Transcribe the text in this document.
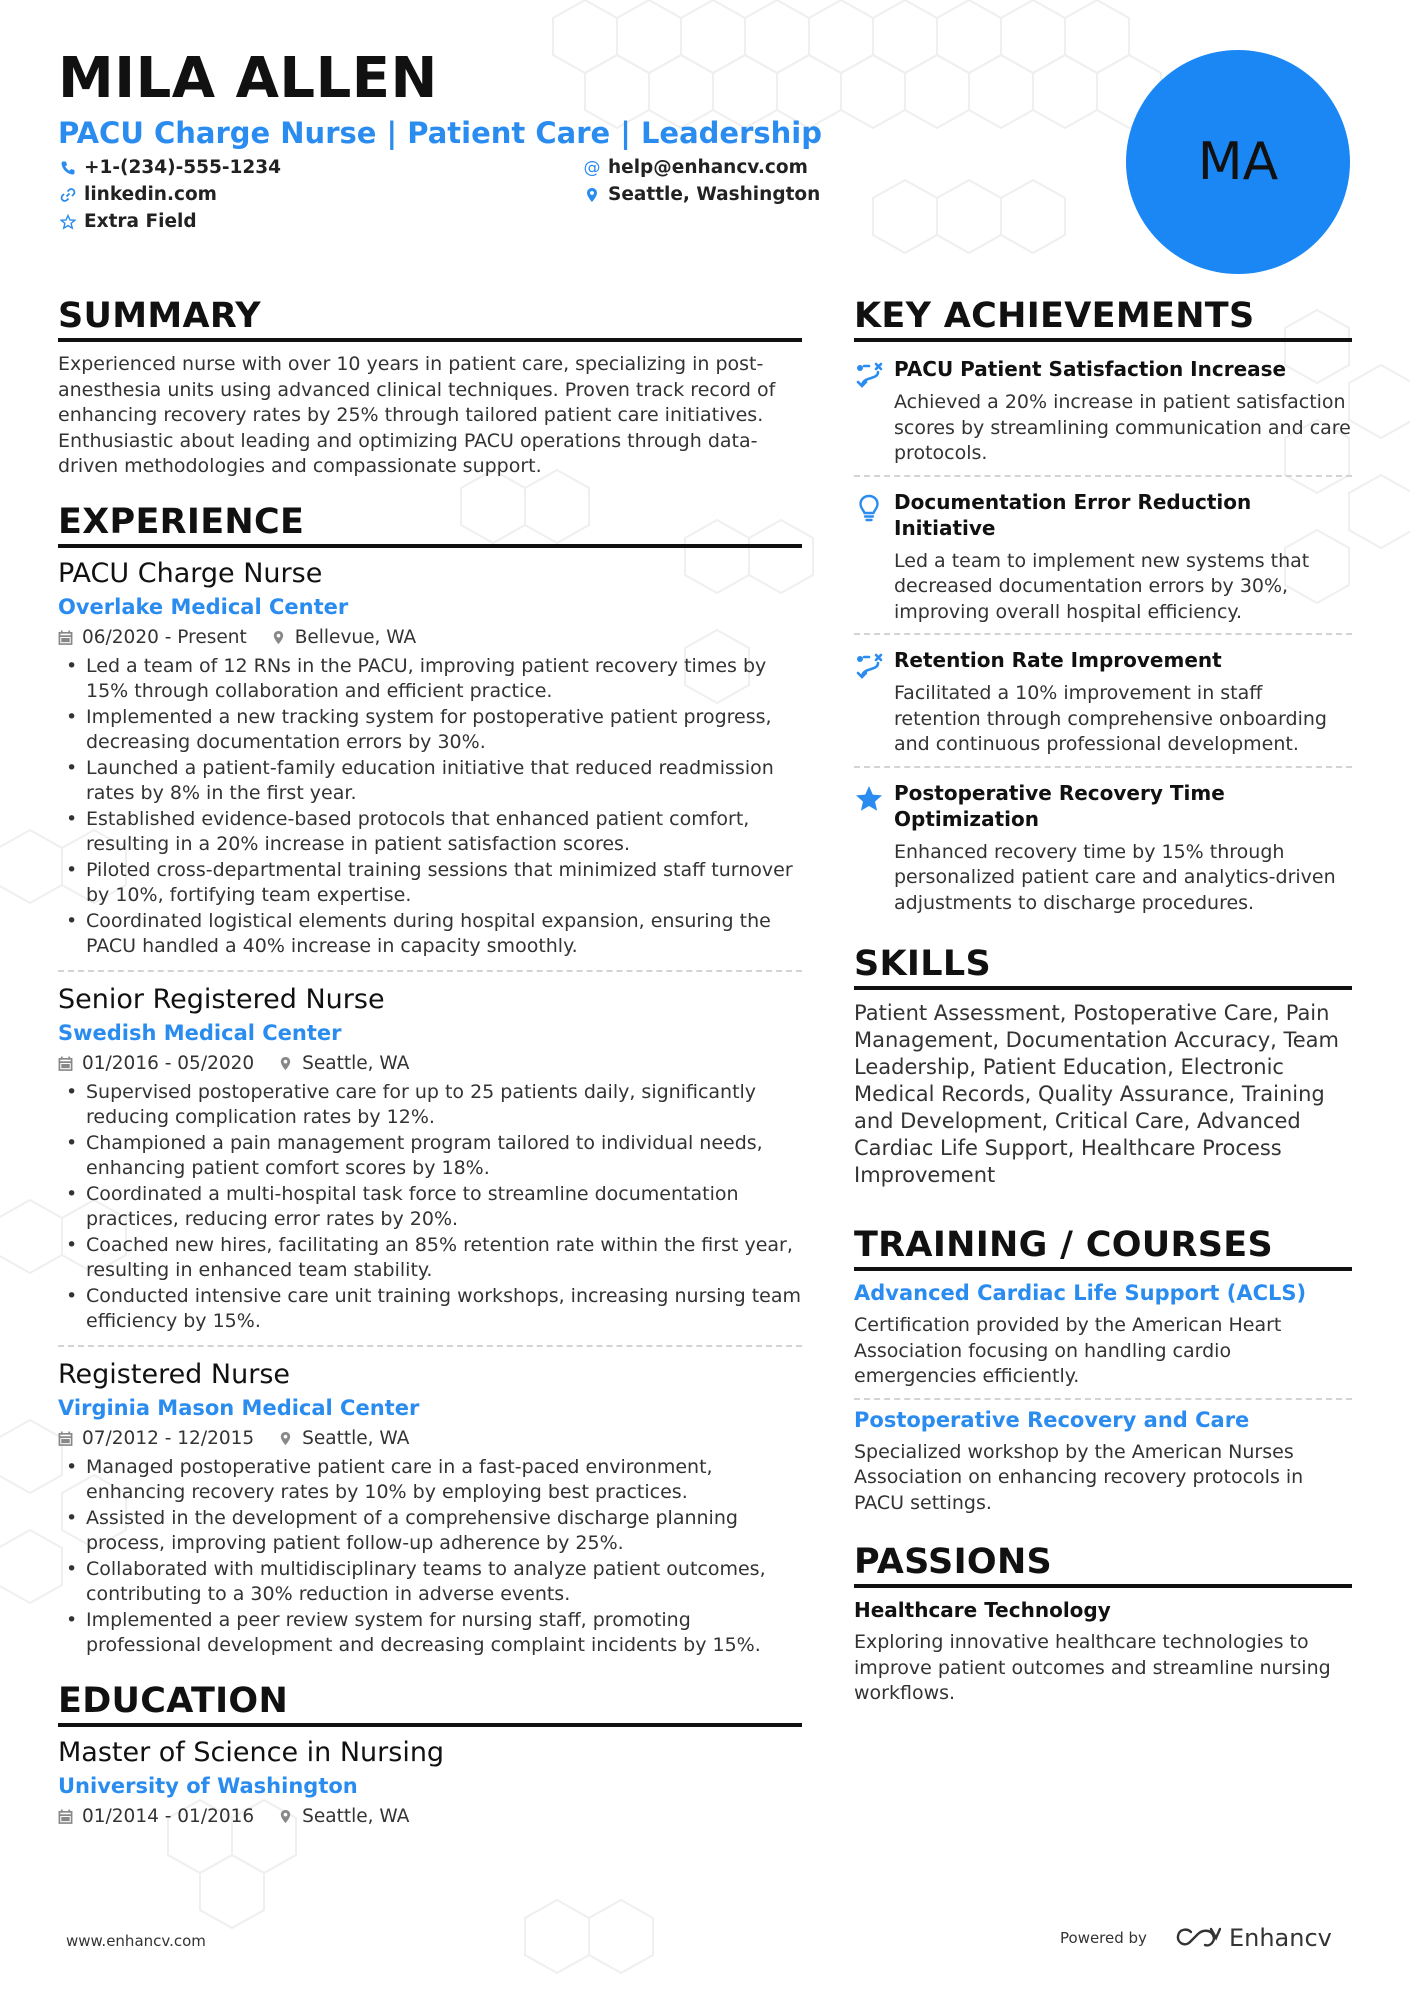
MILA ALLEN
PACU Charge Nurse | Patient Care | Leadership
+1-(234)-555-1234
linkedin.com
Extra Field
@ help@enhancv.com
Seattle, Washington
MA
SUMMARY
Experienced nurse with over 10 years in patient care, specializing in post-anesthesia units using advanced clinical techniques. Proven track record of enhancing recovery rates by 25% through tailored patient care initiatives. Enthusiastic about leading and optimizing PACU operations through data-driven methodologies and compassionate support.
EXPERIENCE
PACU Charge Nurse
Overlake Medical Center
06/2020 - Present	Bellevue, WA
• Led a team of 12 RNs in the PACU, improving patient recovery times by 15% through collaboration and efficient practice.
• Implemented a new tracking system for postoperative patient progress, decreasing documentation errors by 30%.
• Launched a patient-family education initiative that reduced readmission rates by 8% in the first year.
• Established evidence-based protocols that enhanced patient comfort, resulting in a 20% increase in patient satisfaction scores.
• Piloted cross-departmental training sessions that minimized staff turnover by 10%, fortifying team expertise.
• Coordinated logistical elements during hospital expansion, ensuring the PACU handled a 40% increase in capacity smoothly.
Senior Registered Nurse
Swedish Medical Center
01/2016 - 05/2020	Seattle, WA
• Supervised postoperative care for up to 25 patients daily, significantly reducing complication rates by 12%.
• Championed a pain management program tailored to individual needs, enhancing patient comfort scores by 18%.
• Coordinated a multi-hospital task force to streamline documentation practices, reducing error rates by 20%.
• Coached new hires, facilitating an 85% retention rate within the first year, resulting in enhanced team stability.
• Conducted intensive care unit training workshops, increasing nursing team efficiency by 15%.
Registered Nurse
Virginia Mason Medical Center
07/2012 - 12/2015	Seattle, WA
• Managed postoperative patient care in a fast-paced environment, enhancing recovery rates by 10% by employing best practices.
• Assisted in the development of a comprehensive discharge planning process, improving patient follow-up adherence by 25%.
• Collaborated with multidisciplinary teams to analyze patient outcomes, contributing to a 30% reduction in adverse events.
• Implemented a peer review system for nursing staff, promoting professional development and decreasing complaint incidents by 15%.
EDUCATION
Master of Science in Nursing
University of Washington
01/2014 - 01/2016	Seattle, WA
KEY ACHIEVEMENTS
PACU Patient Satisfaction Increase
Achieved a 20% increase in patient satisfaction scores by streamlining communication and care protocols.
Documentation Error Reduction Initiative
Led a team to implement new systems that decreased documentation errors by 30%, improving overall hospital efficiency.
Retention Rate Improvement
Facilitated a 10% improvement in staff retention through comprehensive onboarding and continuous professional development.
Postoperative Recovery Time Optimization
Enhanced recovery time by 15% through personalized patient care and analytics-driven adjustments to discharge procedures.
SKILLS
Patient Assessment, Postoperative Care, Pain Management, Documentation Accuracy, Team Leadership, Patient Education, Electronic Medical Records, Quality Assurance, Training and Development, Critical Care, Advanced Cardiac Life Support, Healthcare Process Improvement
TRAINING / COURSES
Advanced Cardiac Life Support (ACLS)
Certification provided by the American Heart Association focusing on handling cardio emergencies efficiently.
Postoperative Recovery and Care
Specialized workshop by the American Nurses Association on enhancing recovery protocols in PACU settings.
PASSIONS
Healthcare Technology
Exploring innovative healthcare technologies to improve patient outcomes and streamline nursing workflows.
www.enhancv.com	Powered by	Enhancv
